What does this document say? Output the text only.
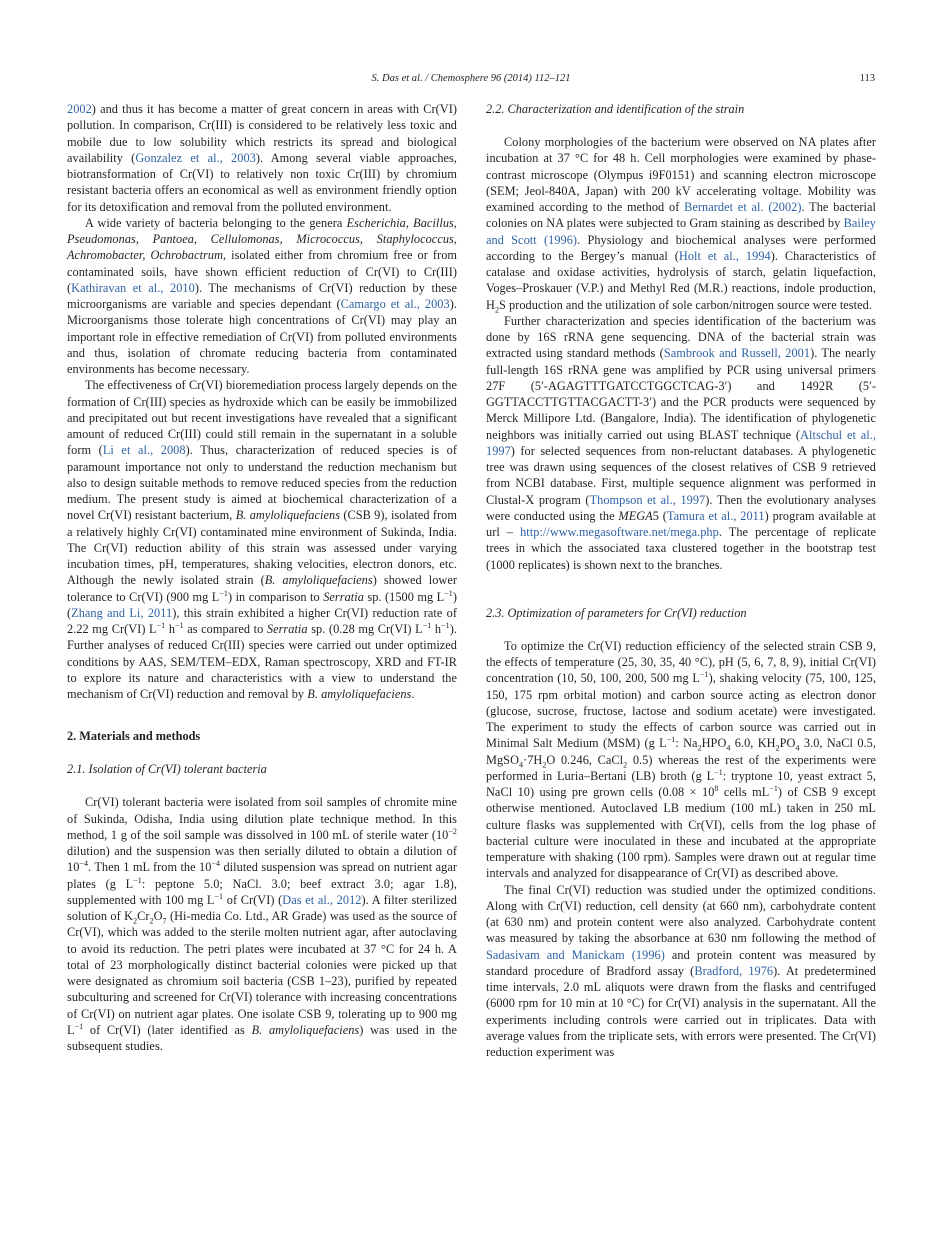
S. Das et al. / Chemosphere 96 (2014) 112–121	113

2002) and thus it has become a matter of great concern in areas with Cr(VI) pollution. In comparison, Cr(III) is considered to be relatively less toxic and mobile due to low solubility which restricts its spread and biological availability (Gonzalez et al., 2003). Among several viable approaches, biotransformation of Cr(VI) to relatively non toxic Cr(III) by chromium resistant bacteria offers an economical as well as environment friendly option for its detoxification and removal from the polluted environment.

A wide variety of bacteria belonging to the genera Escherichia, Bacillus, Pseudomonas, Pantoea, Cellulomonas, Micrococcus, Staphylococcus, Achromobacter, Ochrobactrum, isolated either from chromium free or from contaminated soils, have shown efficient reduction of Cr(VI) to Cr(III) (Kathiravan et al., 2010). The mechanisms of Cr(VI) reduction by these microorganisms are variable and species dependant (Camargo et al., 2003). Microorganisms those tolerate high concentrations of Cr(VI) may play an important role in effective remediation of Cr(VI) from polluted environments and thus, isolation of chromate reducing bacteria from contaminated environments has become necessary.

The effectiveness of Cr(VI) bioremediation process largely depends on the formation of Cr(III) species as hydroxide which can be easily be immobilized and precipitated out but recent investigations have revealed that a significant amount of reduced Cr(III) could still remain in the supernatant in a soluble form (Li et al., 2008). Thus, characterization of reduced species is of paramount importance not only to understand the reduction mechanism but also to design suitable methods to remove reduced species from the reduction medium. The present study is aimed at biochemical characterization of a novel Cr(VI) resistant bacterium, B. amyloliquefaciens (CSB 9), isolated from a relatively highly Cr(VI) contaminated mine environment of Sukinda, India. The Cr(VI) reduction ability of this strain was assessed under varying incubation times, pH, temperatures, shaking velocities, electron donors, etc. Although the newly isolated strain (B. amyloliquefaciens) showed lower tolerance to Cr(VI) (900 mg $L^{-1}$) in comparison to Serratia sp. (1500 mg $L^{-1}$) (Zhang and Li, 2011), this strain exhibited a higher Cr(VI) reduction rate of 2.22 mg Cr(VI) $L^{-1}$ $h^{-1}$ as compared to Serratia sp. (0.28 mg Cr(VI) $L^{-1}$ $h^{-1}$). Further analyses of reduced Cr(III) species were carried out under optimized conditions by AAS, SEM/TEM–EDX, Raman spectroscopy, XRD and FT-IR to explore its nature and characteristics with a view to understand the mechanism of Cr(VI) reduction and removal by B. amyloliquefaciens.

2. Materials and methods
2.1. Isolation of Cr(VI) tolerant bacteria

Cr(VI) tolerant bacteria were isolated from soil samples of chromite mine of Sukinda, Odisha, India using dilution plate technique method. In this method, 1 g of the soil sample was dissolved in 100 mL of sterile water ($10^{-2}$ dilution) and the suspension was then serially diluted to obtain a dilution of $10^{-4}$. Then 1 mL from the $10^{-4}$ diluted suspension was spread on nutrient agar plates (g $L^{-1}$: peptone 5.0; NaCl. 3.0; beef extract 3.0; agar 1.8), supplemented with 100 mg $L^{-1}$ of Cr(VI) (Das et al., 2012). A filter sterilized solution of $K_2Cr_2O_7$ (Hi-media Co. Ltd., AR Grade) was used as the source of Cr(VI), which was added to the sterile molten nutrient agar, after autoclaving to avoid its reduction. The petri plates were incubated at 37 °C for 24 h. A total of 23 morphologically distinct bacterial colonies were picked up that were designated as chromium soil bacteria (CSB 1–23), purified by repeated subculturing and screened for Cr(VI) tolerance with increasing concentrations of Cr(VI) on nutrient agar plates. One isolate CSB 9, tolerating up to 900 mg $L^{-1}$ of Cr(VI) (later identified as B. amyloliquefaciens) was used in the subsequent studies.

2.2. Characterization and identification of the strain

Colony morphologies of the bacterium were observed on NA plates after incubation at 37 °C for 48 h. Cell morphologies were examined by phase-contrast microscope (Olympus i9F0151) and scanning electron microscope (SEM; Jeol-840A, Japan) with 200 kV accelerating voltage. Mobility was examined according to the method of Bernardet et al. (2002). The bacterial colonies on NA plates were subjected to Gram staining as described by Bailey and Scott (1996). Physiology and biochemical analyses were performed according to the Bergey’s manual (Holt et al., 1994). Characteristics of catalase and oxidase activities, hydrolysis of starch, gelatin liquefaction, Voges–Proskauer (V.P.) and Methyl Red (M.R.) reactions, indole production, $H_2S$ production and the utilization of sole carbon/nitrogen source were tested.

Further characterization and species identification of the bacterium was done by 16S rRNA gene sequencing. DNA of the bacterial strain was extracted using standard methods (Sambrook and Russell, 2001). The nearly full-length 16S rRNA gene was amplified by PCR using universal primers 27F (5′-AGAGTTTGATCCTGGCTCAG-3′) and 1492R (5′-GGTTACCTTGTTACGACTT-3′) and the PCR products were sequenced by Merck Millipore Ltd. (Bangalore, India). The identification of phylogenetic neighbors was initially carried out using BLAST technique (Altschul et al., 1997) for selected sequences from non-reluctant databases. A phylogenetic tree was drawn using sequences of the closest relatives of CSB 9 retrieved from NCBI database. First, multiple sequence alignment was performed in Clustal-X program (Thompson et al., 1997). Then the evolutionary analyses were conducted using the MEGA5 (Tamura et al., 2011) program available at url – http://www.megasoftware.net/mega.php. The percentage of replicate trees in which the associated taxa clustered together in the bootstrap test (1000 replicates) is shown next to the branches.

2.3. Optimization of parameters for Cr(VI) reduction

To optimize the Cr(VI) reduction efficiency of the selected strain CSB 9, the effects of temperature (25, 30, 35, 40 °C), pH (5, 6, 7, 8, 9), initial Cr(VI) concentration (10, 50, 100, 200, 500 mg $L^{-1}$), shaking velocity (75, 100, 125, 150, 175 rpm orbital motion) and carbon source acting as electron donor (glucose, sucrose, fructose, lactose and sodium acetate) were investigated. The experiment to study the effects of carbon source was carried out in Minimal Salt Medium (MSM) (g $L^{-1}$: $Na_2HPO_4$ 6.0, $KH_2PO_4$ 3.0, NaCl 0.5, $MgSO_4\cdot 7H_2O$ 0.246, CaCl$_2$ 0.5) whereas the rest of the experiments were performed in Luria–Bertani (LB) broth (g $L^{-1}$: tryptone 10, yeast extract 5, NaCl 10) using pre grown cells ($0.08 \times 10^8$ cells $mL^{-1}$) of CSB 9 except otherwise mentioned. Autoclaved LB medium (100 mL) taken in 250 mL culture flasks was supplemented with Cr(VI), cells from the log phase of bacterial culture were inoculated in these and incubated at the appropriate temperature with shaking (100 rpm). Samples were drawn out at regular time intervals and analyzed for disappearance of Cr(VI) as described above.

The final Cr(VI) reduction was studied under the optimized conditions. Along with Cr(VI) reduction, cell density (at 660 nm), carbohydrate content (at 630 nm) and protein content were also analyzed. Carbohydrate content was measured by taking the absorbance at 630 nm following the method of Sadasivam and Manickam (1996) and protein content was measured by standard procedure of Bradford assay (Bradford, 1976). At predetermined time intervals, 2.0 mL aliquots were drawn from the flasks and centrifuged (6000 rpm for 10 min at 10 °C) for Cr(VI) analysis in the supernatant. All the experiments including controls were carried out in triplicates. Data with average values from the triplicate sets, with errors were presented. The Cr(VI) reduction experiment was
